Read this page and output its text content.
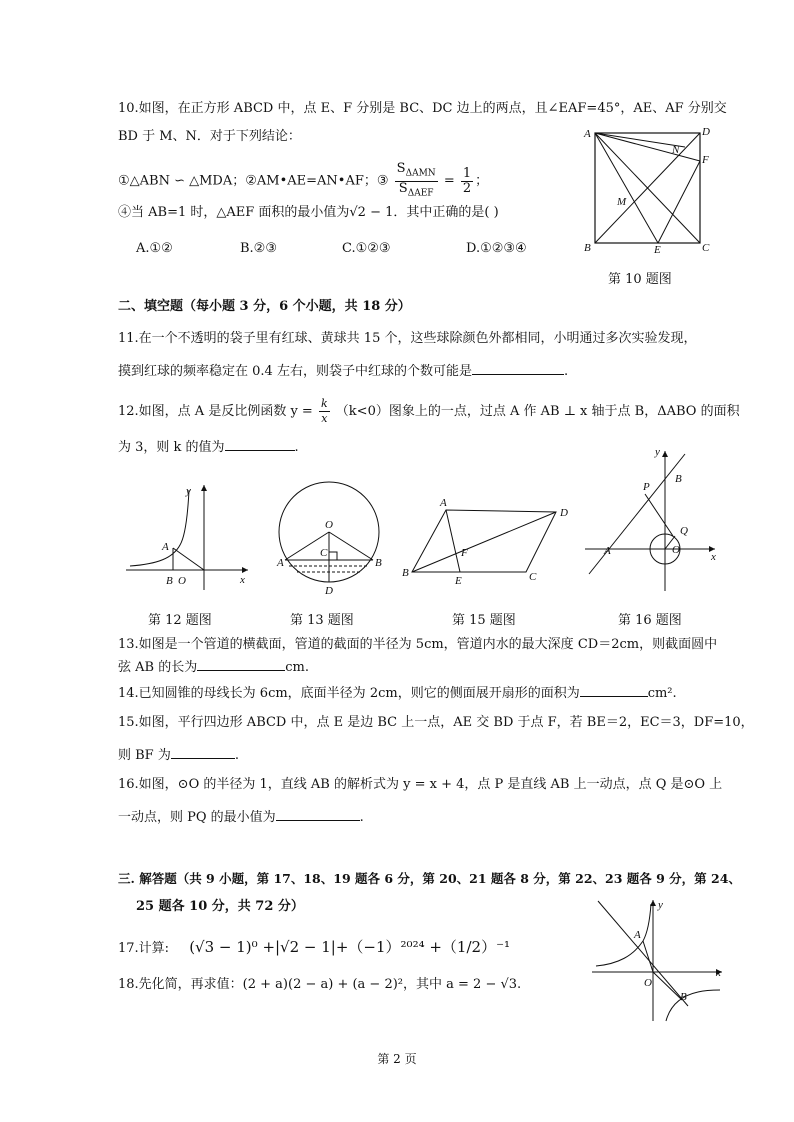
10.如图，在正方形 ABCD 中，点 E、F 分别是 BC、DC 边上的两点，且∠EAF=45°，AE、AF 分别交
BD 于 M、N．对于下列结论：
①△ABN ∽ △MDA；②AM•AE=AN•AF；③ $\frac{S_{\Delta AMN}}{S_{\Delta AEF}} = \frac{1}{2}$ ；
④当 AB=1 时，△AEF 面积的最小值为√2 − 1．其中正确的是( )
A.①②	B.②③	C.①②③	D.①②③④
A	D
B	C
E
F
M
N
第 10 题图
二、填空题（每小题 3 分，6 个小题，共 18 分）
11.在一个不透明的袋子里有红球、黄球共 15 个，这些球除颜色外都相同，小明通过多次实验发现，
摸到红球的频率稳定在 0.4 左右，则袋子中红球的个数可能是	.
12.如图，点 A 是反比例函数 $y = \frac{k}{x} (k<0)$图象上的一点，过点 A 作 AB ⊥ x 轴于点 B，ΔABO 的面积
为 3，则 k 的值为	.
y
x
A
B O
第 12 题图
O
C
A	B
D
第 13 题图
A
D
B	C
E
F
第 15 题图
y
x
B
P
Q
A	O
第 16 题图
13.如图是一个管道的横截面，管道的截面的半径为 5cm，管道内水的最大深度 CD＝2cm，则截面圆中
弦 AB 的长为	cm.
14.已知圆锥的母线长为 6cm，底面半径为 2cm，则它的侧面展开扇形的面积为	cm².
15.如图，平行四边形 ABCD 中，点 E 是边 BC 上一点，AE 交 BD 于点 F，若 BE＝2，EC＝3，DF=10，
则 BF 为	.
16.如图，⊙O 的半径为 1，直线 AB 的解析式为 y = x + 4，点 P 是直线 AB 上一动点，点 Q 是⊙O 上
一动点，则 PQ 的最小值为	.
三. 解答题（共 9 小题，第 17、18、19 题各 6 分，第 20、21 题各 8 分，第 22、23 题各 9 分，第 24、
25 题各 10 分，共 72 分）
17.计算: (√3 − 1)⁰ +|√2 − 1|+（−1）²⁰²⁴ +（1/2）⁻¹
18.先化简，再求值：(2 + a)(2 − a) + (a − 2)²，其中 a = 2 − √3.
y
x
A
O
B
第 2 页
